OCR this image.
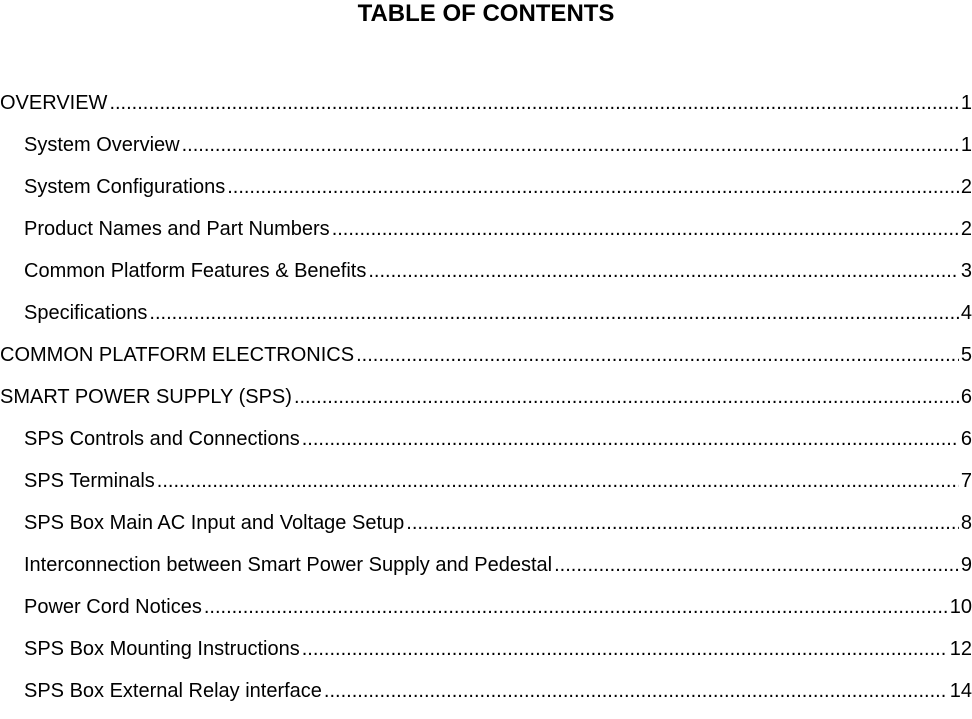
TABLE OF CONTENTS
OVERVIEW .....	1
System Overview .....	1
System Configurations .....	2
Product Names and Part Numbers .....	2
Common Platform Features & Benefits .....	3
Specifications .....	4
COMMON PLATFORM ELECTRONICS .....	5
SMART POWER SUPPLY (SPS) .....	6
SPS Controls and Connections .....	6
SPS Terminals .....	7
SPS Box Main AC Input and Voltage Setup .....	8
Interconnection between Smart Power Supply and Pedestal .....	9
Power Cord Notices .....	10
SPS Box Mounting Instructions .....	12
SPS Box External Relay interface .....	14
